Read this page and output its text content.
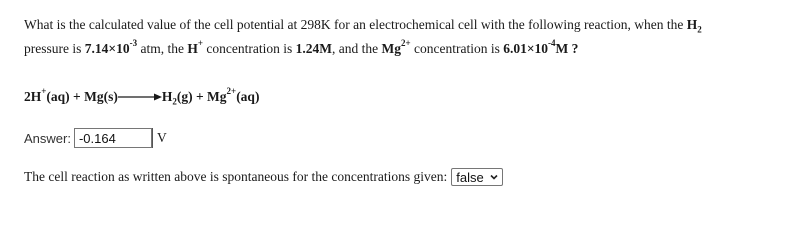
What is the calculated value of the cell potential at 298K for an electrochemical cell with the following reaction, when the $H_2$
pressure is $7.14\times 10^{-3}$ atm, the H+ concentration is 1.24M, and the $Mg^{2+}$ concentration is $6.01\times 10^{-4}M$ ?
2H+(aq) + Mg(s)	$H_2(g) + Mg^{2+}(aq)$
Answer: -0.164	V
The cell reaction as written above is spontaneous for the concentrations given: false
